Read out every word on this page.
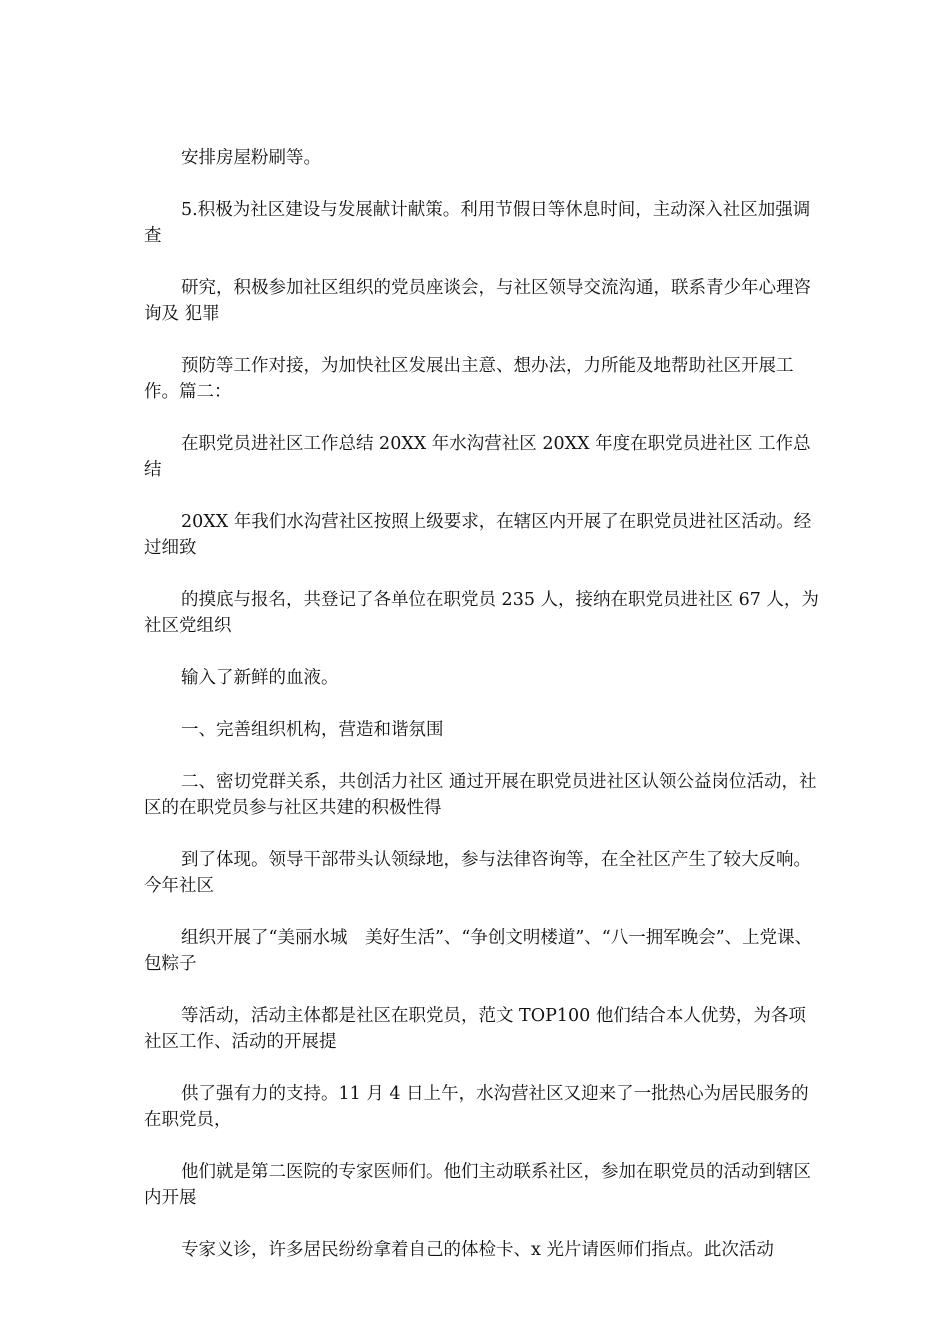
安排房屋粉刷等。

5.积极为社区建设与发展献计献策。利用节假日等休息时间，主动深入社区加强调查

研究，积极参加社区组织的党员座谈会，与社区领导交流沟通，联系青少年心理咨询及 犯罪

预防等工作对接，为加快社区发展出主意、想办法，力所能及地帮助社区开展工作。篇二：

在职党员进社区工作总结 20XX 年水沟营社区 20XX 年度在职党员进社区 工作总结

20XX 年我们水沟营社区按照上级要求，在辖区内开展了在职党员进社区活动。经过细致

的摸底与报名，共登记了各单位在职党员 235 人，接纳在职党员进社区 67 人，为社区党组织

输入了新鲜的血液。

一、完善组织机构，营造和谐氛围

二、密切党群关系，共创活力社区 通过开展在职党员进社区认领公益岗位活动，社区的在职党员参与社区共建的积极性得

到了体现。领导干部带头认领绿地，参与法律咨询等，在全社区产生了较大反响。今年社区

组织开展了“美丽水城　美好生活”、“争创文明楼道”、“八一拥军晚会”、上党课、包粽子

等活动，活动主体都是社区在职党员，范文 TOP100 他们结合本人优势，为各项社区工作、活动的开展提

供了强有力的支持。11 月 4 日上午，水沟营社区又迎来了一批热心为居民服务的在职党员，

他们就是第二医院的专家医师们。他们主动联系社区，参加在职党员的活动到辖区内开展

专家义诊，许多居民纷纷拿着自己的体检卡、x 光片请医师们指点。此次活动
